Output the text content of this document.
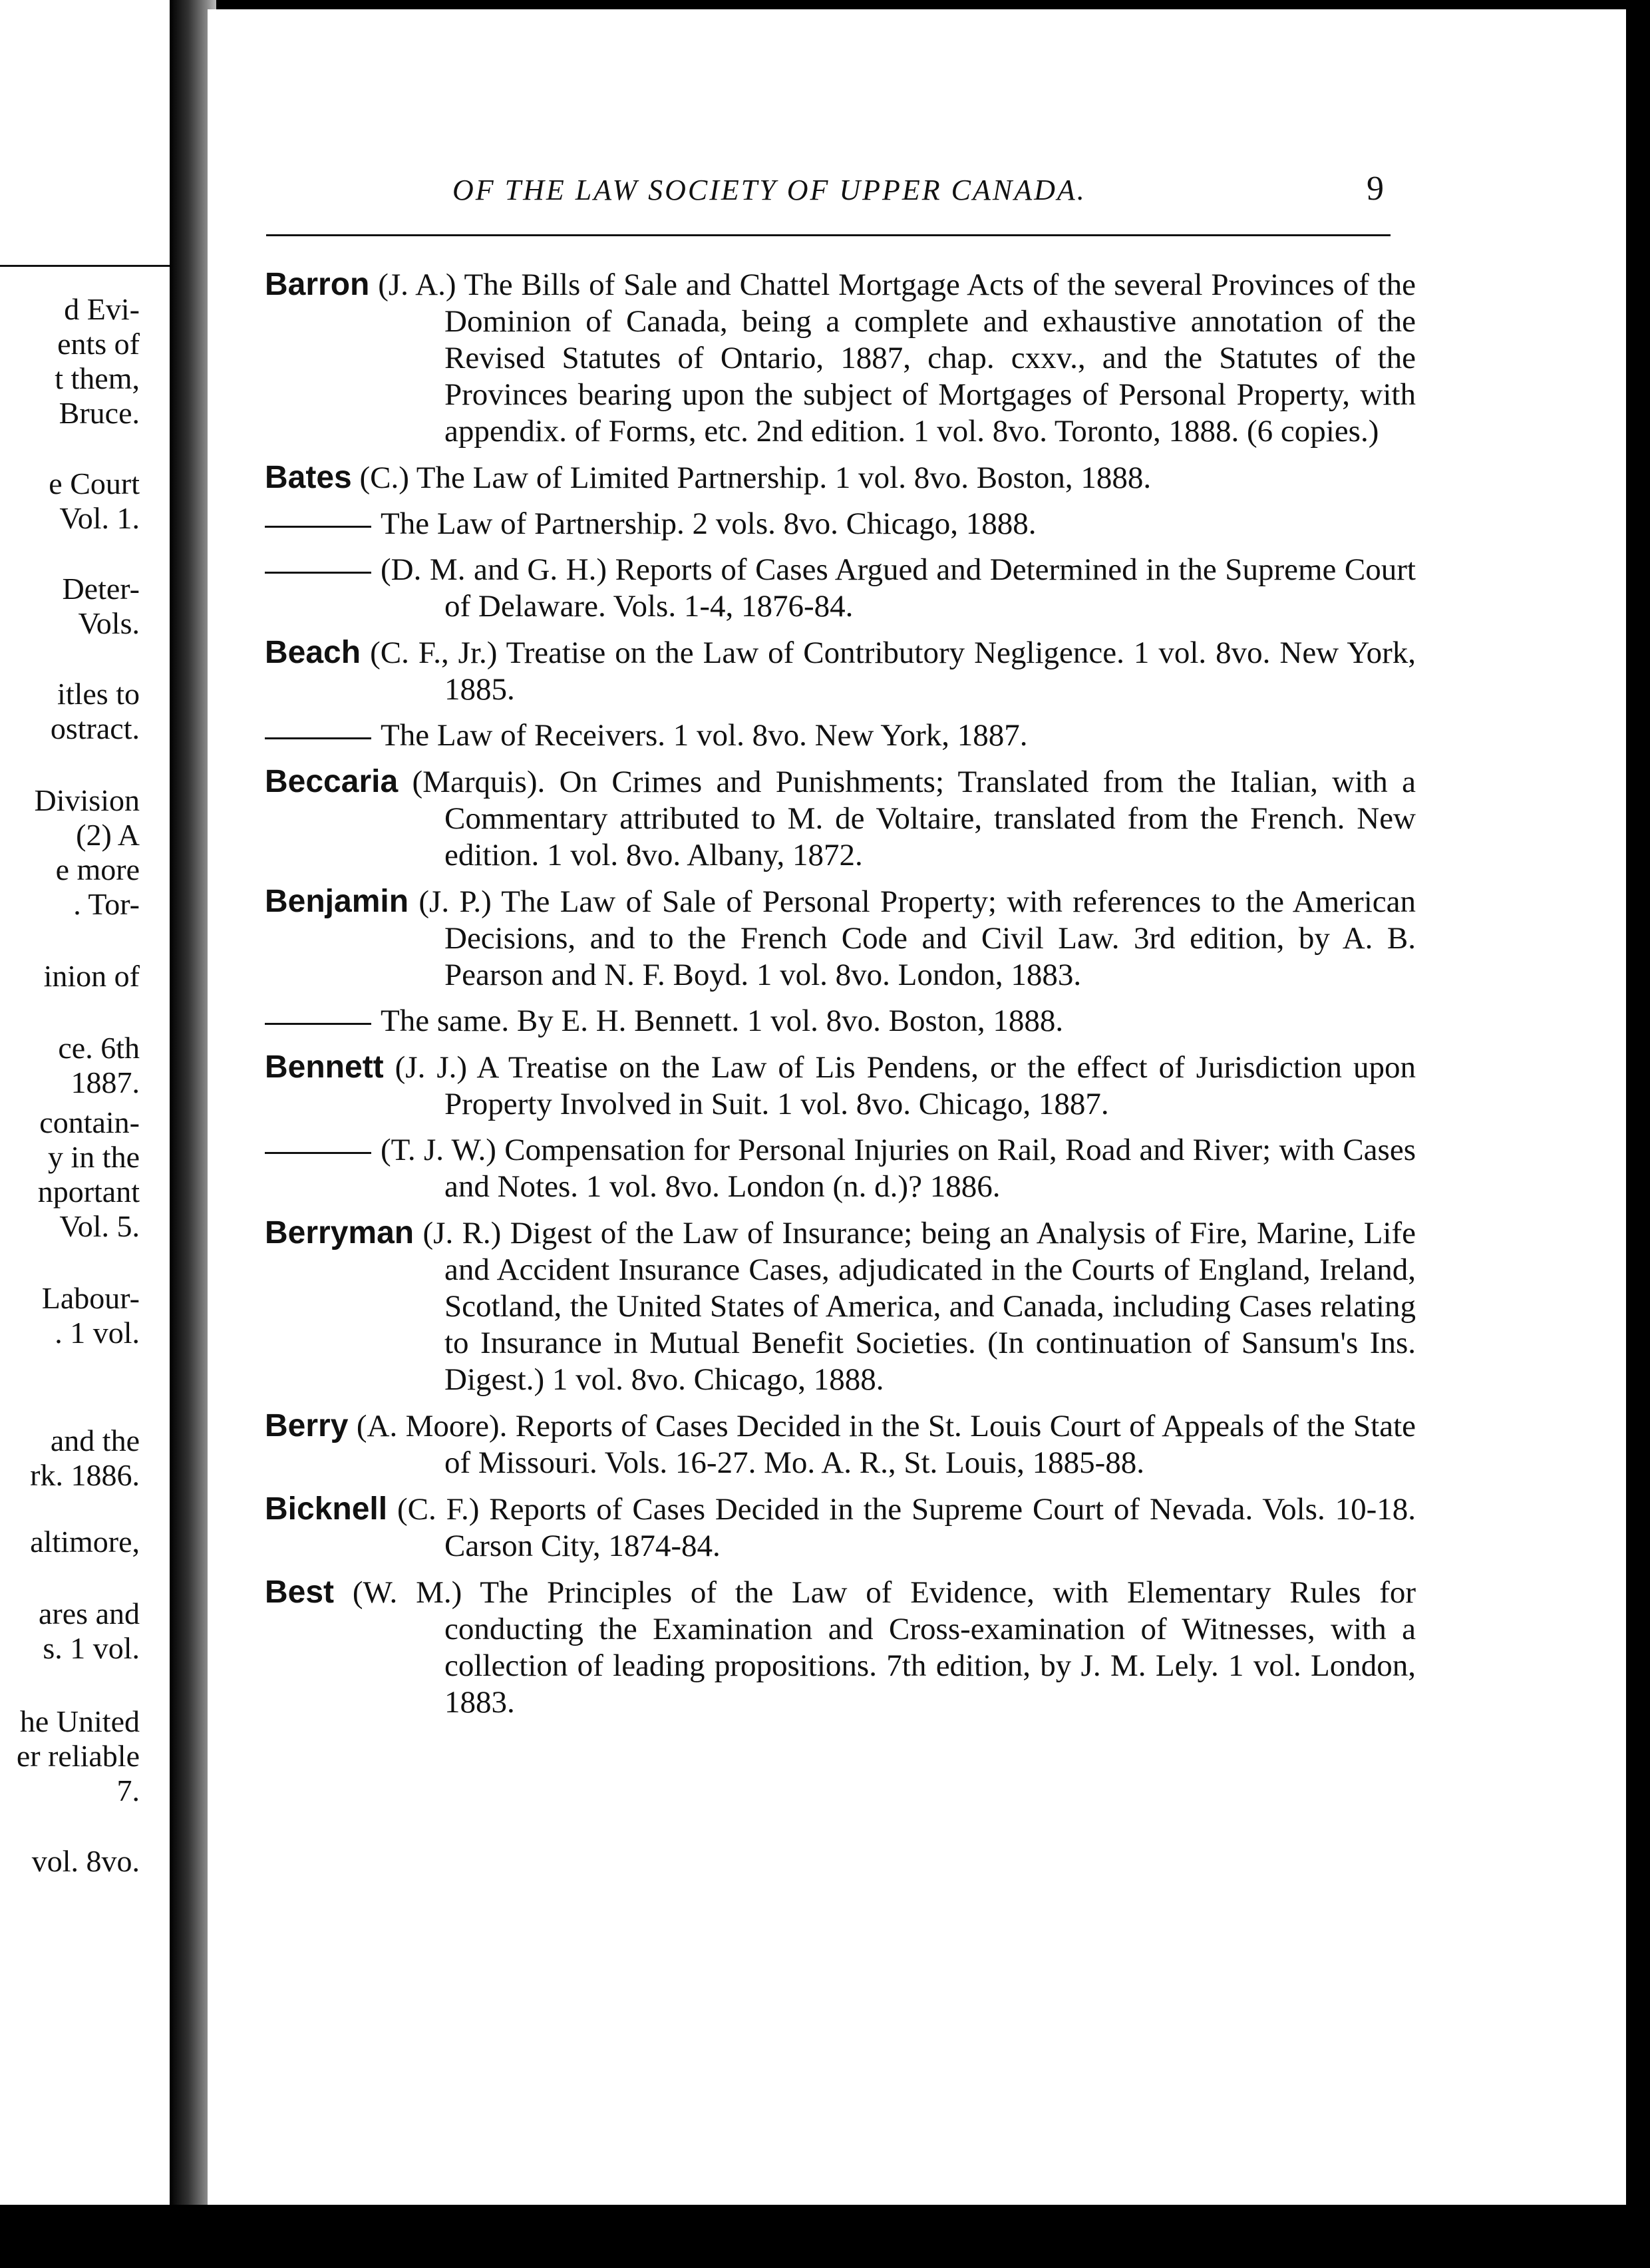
d Evi-
ents of
t them,
Bruce.
e Court
Vol. 1.
Deter-
Vols.
itles to
ostract.
Division
(2) A
e more
. Tor-
inion of
ce. 6th
1887.
contain-
y in the
nportant
Vol. 5.
Labour-
. 1 vol.
and the
rk. 1886.
altimore,
ares and
s. 1 vol.
he United
er reliable
7.
vol. 8vo.
OF THE LAW SOCIETY OF UPPER CANADA.	9
Barron (J. A.) The Bills of Sale and Chattel Mortgage Acts of the several Provinces of the Dominion of Canada, being a complete and exhaustive annotation of the Revised Statutes of Ontario, 1887, chap. cxxv., and the Statutes of the Provinces bearing upon the subject of Mortgages of Personal Property, with appendix. of Forms, etc. 2nd edition. 1 vol. 8vo. Toronto, 1888. (6 copies.)
Bates (C.) The Law of Limited Partnership. 1 vol. 8vo. Boston, 1888.
The Law of Partnership. 2 vols. 8vo. Chicago, 1888.
(D. M. and G. H.) Reports of Cases Argued and Determined in the Supreme Court of Delaware. Vols. 1-4, 1876-84.
Beach (C. F., Jr.) Treatise on the Law of Contributory Negligence. 1 vol. 8vo. New York, 1885.
The Law of Receivers. 1 vol. 8vo. New York, 1887.
Beccaria (Marquis). On Crimes and Punishments; Translated from the Italian, with a Commentary attributed to M. de Voltaire, translated from the French. New edition. 1 vol. 8vo. Albany, 1872.
Benjamin (J. P.) The Law of Sale of Personal Property; with references to the American Decisions, and to the French Code and Civil Law. 3rd edition, by A. B. Pearson and N. F. Boyd. 1 vol. 8vo. London, 1883.
The same. By E. H. Bennett. 1 vol. 8vo. Boston, 1888.
Bennett (J. J.) A Treatise on the Law of Lis Pendens, or the effect of Jurisdiction upon Property Involved in Suit. 1 vol. 8vo. Chicago, 1887.
(T. J. W.) Compensation for Personal Injuries on Rail, Road and River; with Cases and Notes. 1 vol. 8vo. London (n. d.)? 1886.
Berryman (J. R.) Digest of the Law of Insurance; being an Analysis of Fire, Marine, Life and Accident Insurance Cases, adjudicated in the Courts of England, Ireland, Scotland, the United States of America, and Canada, including Cases relating to Insurance in Mutual Benefit Societies. (In continuation of Sansum's Ins. Digest.) 1 vol. 8vo. Chicago, 1888.
Berry (A. Moore). Reports of Cases Decided in the St. Louis Court of Appeals of the State of Missouri. Vols. 16-27. Mo. A. R., St. Louis, 1885-88.
Bicknell (C. F.) Reports of Cases Decided in the Supreme Court of Nevada. Vols. 10-18. Carson City, 1874-84.
Best (W. M.) The Principles of the Law of Evidence, with Elementary Rules for conducting the Examination and Cross-examination of Witnesses, with a collection of leading propositions. 7th edition, by J. M. Lely. 1 vol. London, 1883.
